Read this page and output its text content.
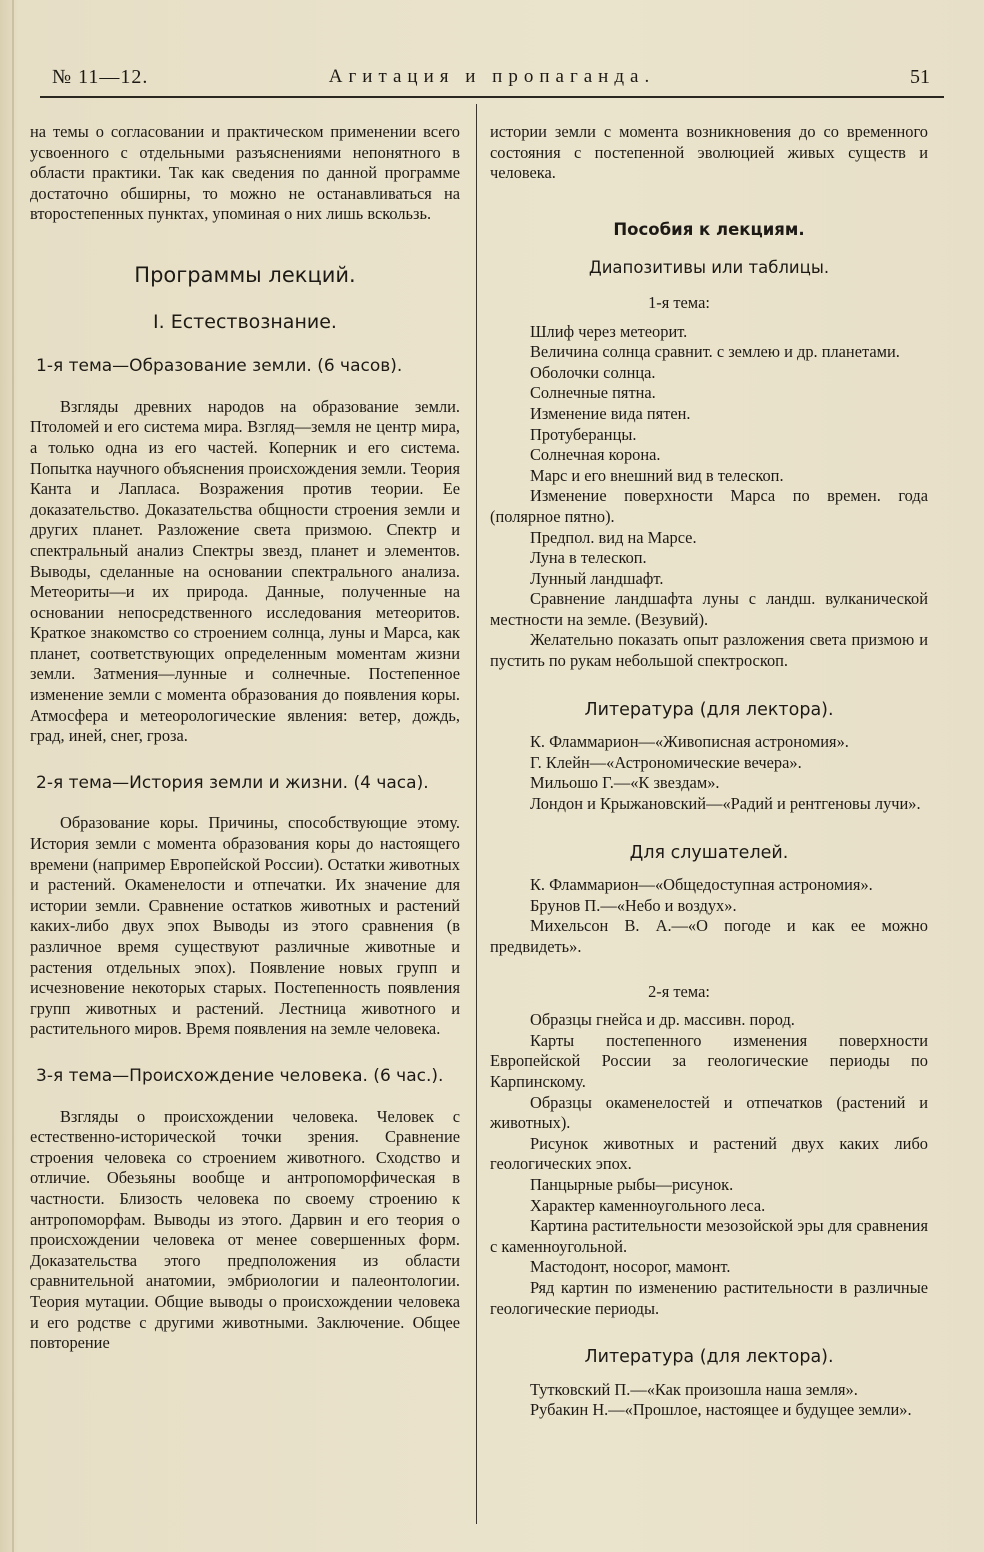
№ 11—12.	Агитация и пропаганда.	51

на темы о согласовании и практическом применении всего усвоенного с отдельными разъяснениями непонятного в области практики. Так как сведения по данной программе достаточно обширны, то можно не останавливаться на второстепенных пунктах, упоминая о них лишь вскользь.

Программы лекций.
I. Естествознание.
1-я тема—Образование земли. (6 часов).

Взгляды древних народов на образование земли. Птоломей и его система мира. Взгляд—земля не центр мира, а только одна из его частей. Коперник и его система. Попытка научного объяснения происхождения земли. Теория Канта и Лапласа. Возражения против теории. Ее доказательство. Доказательства общности строения земли и других планет. Разложение света призмою. Спектр и спектральный анализ Спектры звезд, планет и элементов. Выводы, сделанные на основании спектрального анализа. Метеориты—и их природа. Данные, полученные на основании непосредственного исследования метеоритов. Краткое знакомство со строением солнца, луны и Марса, как планет, соответствующих определенным моментам жизни земли. Затмения—лунные и солнечные. Постепенное изменение земли с момента образования до появления коры. Атмосфера и метеорологические явления: ветер, дождь, град, иней, снег, гроза.

2-я тема—История земли и жизни. (4 часа).

Образование коры. Причины, способствующие этому. История земли с момента образования коры до настоящего времени (например Европейской России). Остатки животных и растений. Окаменелости и отпечатки. Их значение для истории земли. Сравнение остатков животных и растений каких-либо двух эпох Выводы из этого сравнения (в различное время существуют различные животные и растения отдельных эпох). Появление новых групп и исчезновение некоторых старых. Постепенность появления групп животных и растений. Лестница животного и растительного миров. Время появления на земле человека.

3-я тема—Происхождение человека. (6 час.).

Взгляды о происхождении человека. Человек с естественно-исторической точки зрения. Сравнение строения человека со строением животного. Сходство и отличие. Обезьяны вообще и антропоморфическая в частности. Близость человека по своему строению к антропоморфам. Выводы из этого. Дарвин и его теория о происхождении человека от менее совершенных форм. Доказательства этого предположения из области сравнительной анатомии, эмбриологии и палеонтологии. Теория мутации. Общие выводы о происхождении человека и его родстве с другими животными. Заключение. Общее повторение

истории земли с момента возникновения до со временного состояния с постепенной эволюцией живых существ и человека.

Пособия к лекциям.
Диапозитивы или таблицы.
1-я тема:

Шлиф через метеорит.

Величина солнца сравнит. с землею и др. планетами.

Оболочки солнца.

Солнечные пятна.

Изменение вида пятен.

Протуберанцы.

Солнечная корона.

Марс и его внешний вид в телескоп.

Изменение поверхности Марса по времен. года (полярное пятно).

Предпол. вид на Марсе.

Луна в телескоп.

Лунный ландшафт.

Сравнение ландшафта луны с ландш. вулканической местности на земле. (Везувий).

Желательно показать опыт разложения света призмою и пустить по рукам небольшой спектроскоп.

Литература (для лектора).

К. Фламмарион—«Живописная астрономия».

Г. Клейн—«Астрономические вечера».

Мильошо Г.—«К звездам».

Лондон и Крыжановский—«Радий и рентгеновы лучи».

Для слушателей.

К. Фламмарион—«Общедоступная астрономия».

Брунов П.—«Небо и воздух».

Михельсон В. А.—«О погоде и как ее можно предвидеть».

2-я тема:

Образцы гнейса и др. массивн. пород.

Карты постепенного изменения поверхности Европейской России за геологические периоды по Карпинскому.

Образцы окаменелостей и отпечатков (растений и животных).

Рисунок животных и растений двух каких либо геологических эпох.

Панцырные рыбы—рисунок.

Характер каменноугольного леса.

Картина растительности мезозойской эры для сравнения с каменноугольной.

Мастодонт, носорог, мамонт.

Ряд картин по изменению растительности в различные геологические периоды.

Литература (для лектора).

Тутковский П.—«Как произошла наша земля».

Рубакин Н.—«Прошлое, настоящее и будущее земли».
